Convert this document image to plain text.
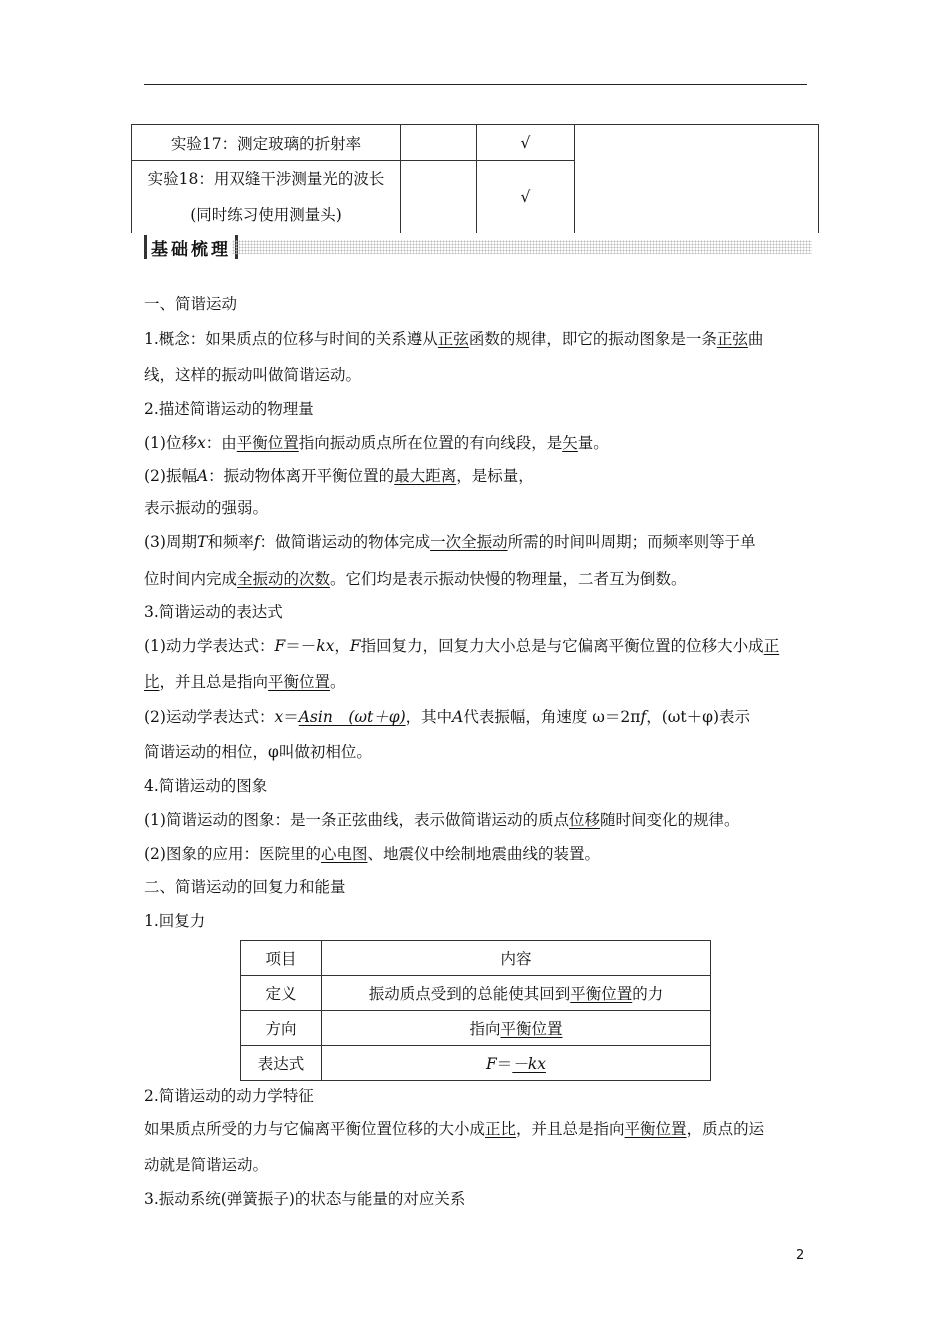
实验17：测定玻璃的折射率		√	

实验18：用双缝干涉测量光的波长
(同时练习使用测量头)		√	
基础梳理
一、简谐运动
1.概念：如果质点的位移与时间的关系遵从正弦函数的规律，即它的振动图象是一条正弦曲
线，这样的振动叫做简谐运动。
2.描述简谐运动的物理量
(1)位移x：由平衡位置指向振动质点所在位置的有向线段，是矢量。
(2)振幅A：振动物体离开平衡位置的最大距离，是标量，
表示振动的强弱。
(3)周期T和频率f：做简谐运动的物体完成一次全振动所需的时间叫周期；而频率则等于单
位时间内完成全振动的次数。它们均是表示振动快慢的物理量，二者互为倒数。
3.简谐运动的表达式
(1)动力学表达式：F＝－kx，F指回复力，回复力大小总是与它偏离平衡位置的位移大小成正
比，并且总是指向平衡位置。
(2)运动学表达式：x＝Asin　(ωt＋φ)，其中A代表振幅，角速度 ω＝2πf，(ωt＋φ)表示
简谐运动的相位，φ叫做初相位。
4.简谐运动的图象
(1)简谐运动的图象：是一条正弦曲线，表示做简谐运动的质点位移随时间变化的规律。
(2)图象的应用：医院里的心电图、地震仪中绘制地震曲线的装置。
二、简谐运动的回复力和能量
1.回复力
项目	内容
定义	振动质点受到的总能使其回到平衡位置的力
方向	指向平衡位置
表达式	F＝－kx
2.简谐运动的动力学特征
如果质点所受的力与它偏离平衡位置位移的大小成正比，并且总是指向平衡位置，质点的运
动就是简谐运动。
3.振动系统(弹簧振子)的状态与能量的对应关系
2
